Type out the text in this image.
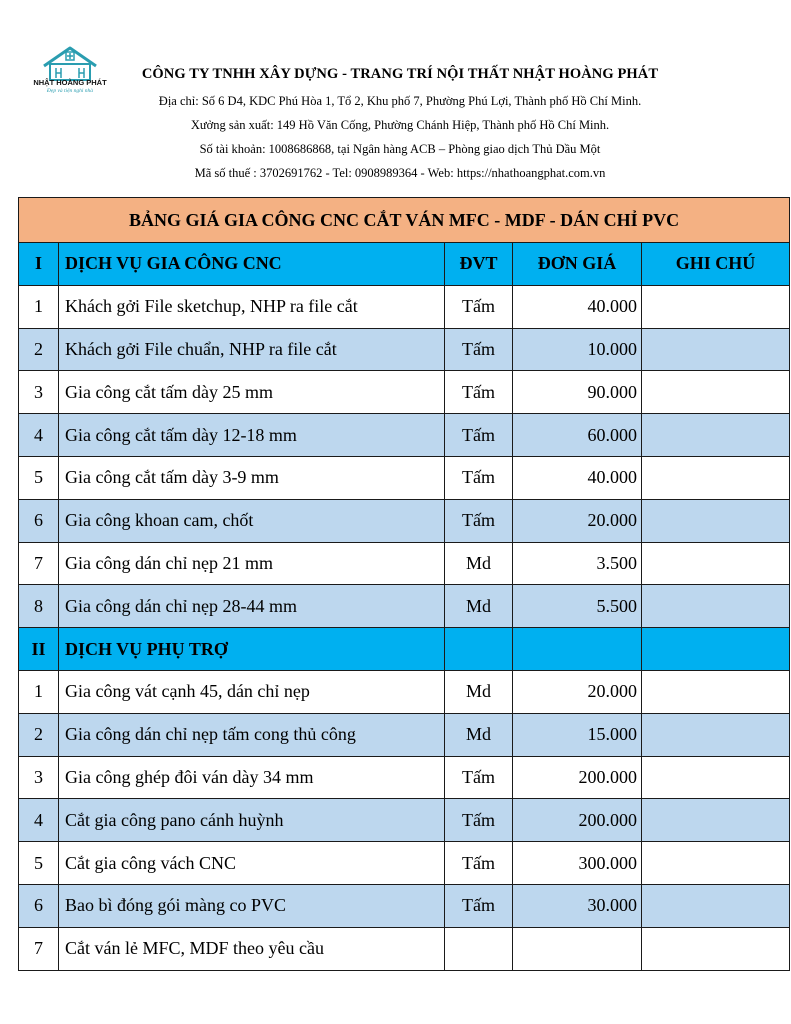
NHẬT HOÀNG PHÁT
Đẹp và tiện nghi nhà
CÔNG TY TNHH XÂY DỰNG - TRANG TRÍ NỘI THẤT NHẬT HOÀNG PHÁT
Địa chỉ: Số 6 D4, KDC Phú Hòa 1, Tổ 2, Khu phố 7, Phường Phú Lợi, Thành phố Hồ Chí Minh.
Xưởng sản xuất: 149 Hồ Văn Cống, Phường Chánh Hiệp, Thành phố Hồ Chí Minh.
Số tài khoản: 1008686868, tại Ngân hàng ACB – Phòng giao dịch Thủ Dầu Một
Mã số thuế : 3702691762 - Tel: 0908989364 - Web: https://nhathoangphat.com.vn
BẢNG GIÁ GIA CÔNG CNC CẮT VÁN MFC - MDF - DÁN CHỈ PVC				
I	DỊCH VỤ GIA CÔNG CNC	ĐVT	ĐƠN GIÁ	GHI CHÚ
1	Khách gởi File sketchup, NHP ra file cắt	Tấm	40.000	
2	Khách gởi File chuẩn, NHP ra file cắt	Tấm	10.000	
3	Gia công cắt tấm dày 25 mm	Tấm	90.000	
4	Gia công cắt tấm dày 12-18 mm	Tấm	60.000	
5	Gia công cắt tấm dày 3-9 mm	Tấm	40.000	
6	Gia công khoan cam, chốt	Tấm	20.000	
7	Gia công dán chỉ nẹp 21 mm	Md	3.500	
8	Gia công dán chỉ nẹp 28-44 mm	Md	5.500	
II	DỊCH VỤ PHỤ TRỢ			
1	Gia công vát cạnh 45, dán chỉ nẹp	Md	20.000	
2	Gia công dán chỉ nẹp tấm cong thủ công	Md	15.000	
3	Gia công ghép đôi ván dày 34 mm	Tấm	200.000	
4	Cắt gia công pano cánh huỳnh	Tấm	200.000	
5	Cắt gia công vách CNC	Tấm	300.000	
6	Bao bì đóng gói màng co PVC	Tấm	30.000	
7	Cắt ván lẻ MFC, MDF theo yêu cầu			
